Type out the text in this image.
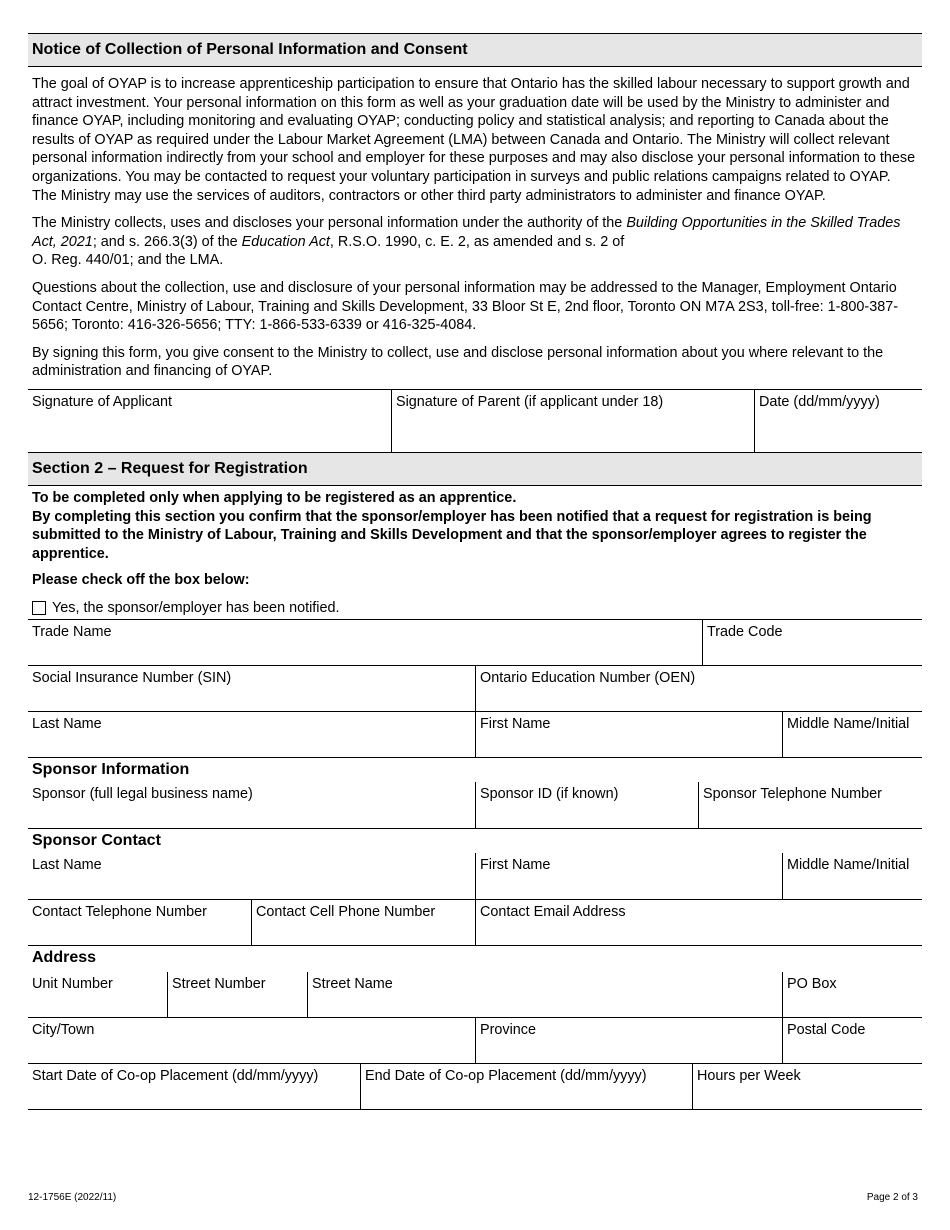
Notice of Collection of Personal Information and Consent

The goal of OYAP is to increase apprenticeship participation to ensure that Ontario has the skilled labour necessary to support growth and attract investment. Your personal information on this form as well as your graduation date will be used by the Ministry to administer and finance OYAP, including monitoring and evaluating OYAP; conducting policy and statistical analysis; and reporting to Canada about the results of OYAP as required under the Labour Market Agreement (LMA) between Canada and Ontario. The Ministry will collect relevant personal information indirectly from your school and employer for these purposes and may also disclose your personal information to these organizations. You may be contacted to request your voluntary participation in surveys and public relations campaigns related to OYAP. The Ministry may use the services of auditors, contractors or other third party administrators to administer and finance OYAP.

The Ministry collects, uses and discloses your personal information under the authority of the Building Opportunities in the Skilled Trades Act, 2021; and s. 266.3(3) of the Education Act, R.S.O. 1990, c. E. 2, as amended and s. 2 of
O. Reg. 440/01; and the LMA.

Questions about the collection, use and disclosure of your personal information may be addressed to the Manager, Employment Ontario Contact Centre, Ministry of Labour, Training and Skills Development, 33 Bloor St E, 2nd floor, Toronto ON M7A 2S3, toll-free: 1-800-387-5656; Toronto: 416-326-5656; TTY: 1-866-533-6339 or 416-325-4084.

By signing this form, you give consent to the Ministry to collect, use and disclose personal information about you where relevant to the administration and financing of OYAP.

Signature of Applicant	Signature of Parent (if applicant under 18)	Date (dd/mm/yyyy)
Section 2 – Request for Registration
To be completed only when applying to be registered as an apprentice.
By completing this section you confirm that the sponsor/employer has been notified that a request for registration is being submitted to the Ministry of Labour, Training and Skills Development and that the sponsor/employer agrees to register the apprentice.
Please check off the box below:
Yes, the sponsor/employer has been notified.
Trade Name	Trade Code
Social Insurance Number (SIN)	Ontario Education Number (OEN)
Last Name	First Name	Middle Name/Initial
Sponsor Information
Sponsor (full legal business name)	Sponsor ID (if known)	Sponsor Telephone Number
Sponsor Contact
Last Name	First Name	Middle Name/Initial
Contact Telephone Number	Contact Cell Phone Number	Contact Email Address
Address
Unit Number	Street Number	Street Name	PO Box
City/Town	Province	Postal Code
Start Date of Co-op Placement (dd/mm/yyyy)	End Date of Co-op Placement (dd/mm/yyyy)	Hours per Week
12-1756E (2022/11)	Page 2 of 3
